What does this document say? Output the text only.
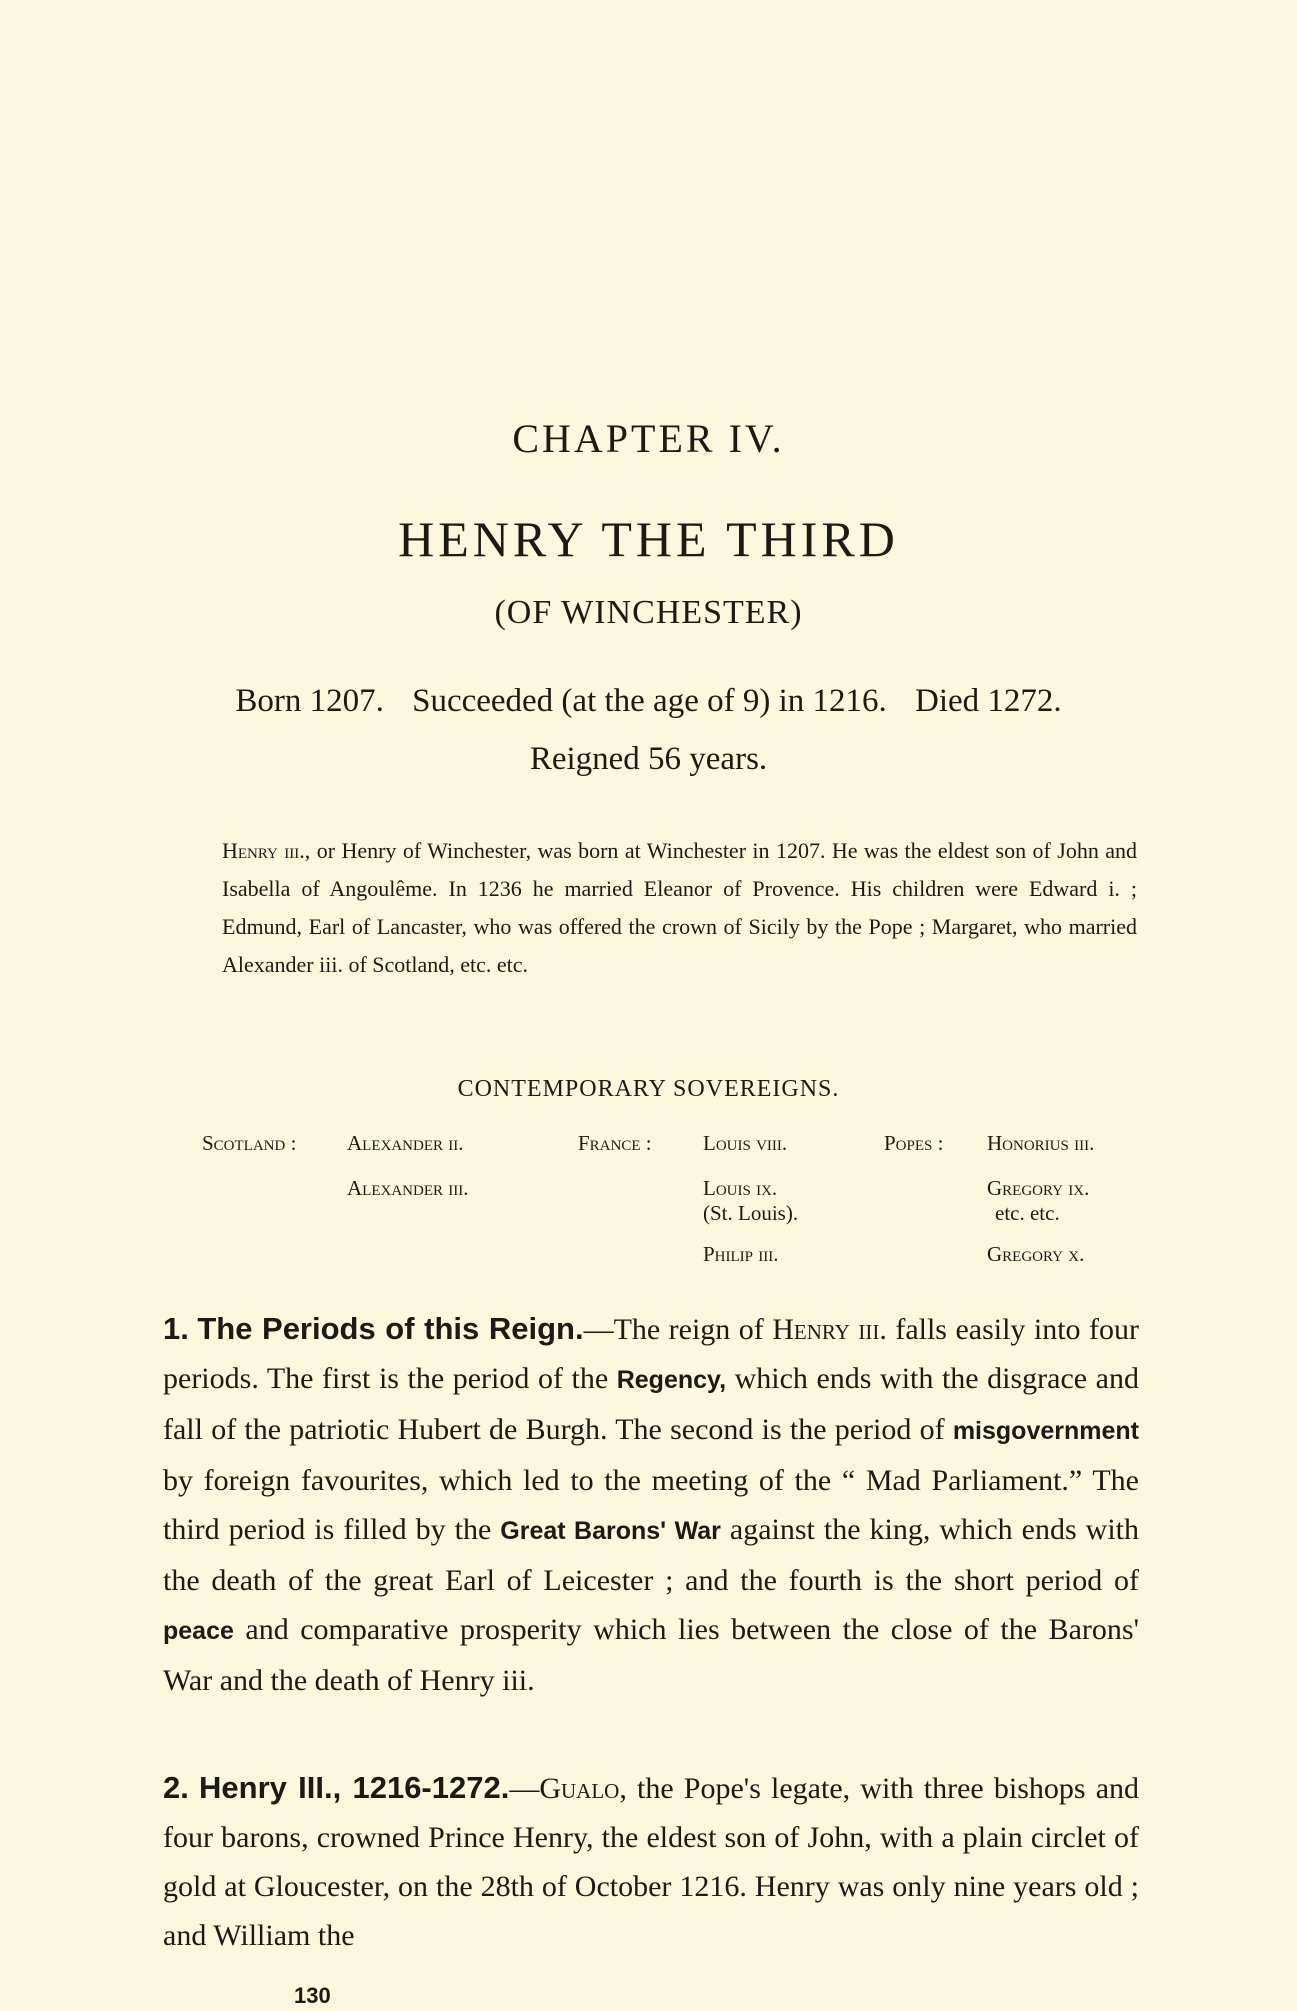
CHAPTER IV.
HENRY THE THIRD
(OF WINCHESTER)
Born 1207. Succeeded (at the age of 9) in 1216. Died 1272.
Reigned 56 years.
Henry iii., or Henry of Winchester, was born at Winchester in 1207. He was the eldest son of John and Isabella of Angoulême. In 1236 he married Eleanor of Provence. His children were Edward i. ; Edmund, Earl of Lancaster, who was offered the crown of Sicily by the Pope ; Margaret, who married Alexander iii. of Scotland, etc. etc.
CONTEMPORARY SOVEREIGNS.
Scotland : Alexander ii.
Alexander iii.
France : Louis viii.
Louis ix.
(St. Louis).
Philip iii.
Popes : Honorius iii.
Gregory ix.
etc. etc.
Gregory x.
1. The Periods of this Reign.—The reign of Henry iii. falls easily into four periods. The first is the period of the Regency, which ends with the disgrace and fall of the patriotic Hubert de Burgh. The second is the period of misgovernment by foreign favourites, which led to the meeting of the “ Mad Parliament.” The third period is filled by the Great Barons' War against the king, which ends with the death of the great Earl of Leicester ; and the fourth is the short period of peace and comparative prosperity which lies between the close of the Barons' War and the death of Henry iii.
2. Henry III., 1216-1272.—Gualo, the Pope's legate, with three bishops and four barons, crowned Prince Henry, the eldest son of John, with a plain circlet of gold at Gloucester, on the 28th of October 1216. Henry was only nine years old ; and William the
130
